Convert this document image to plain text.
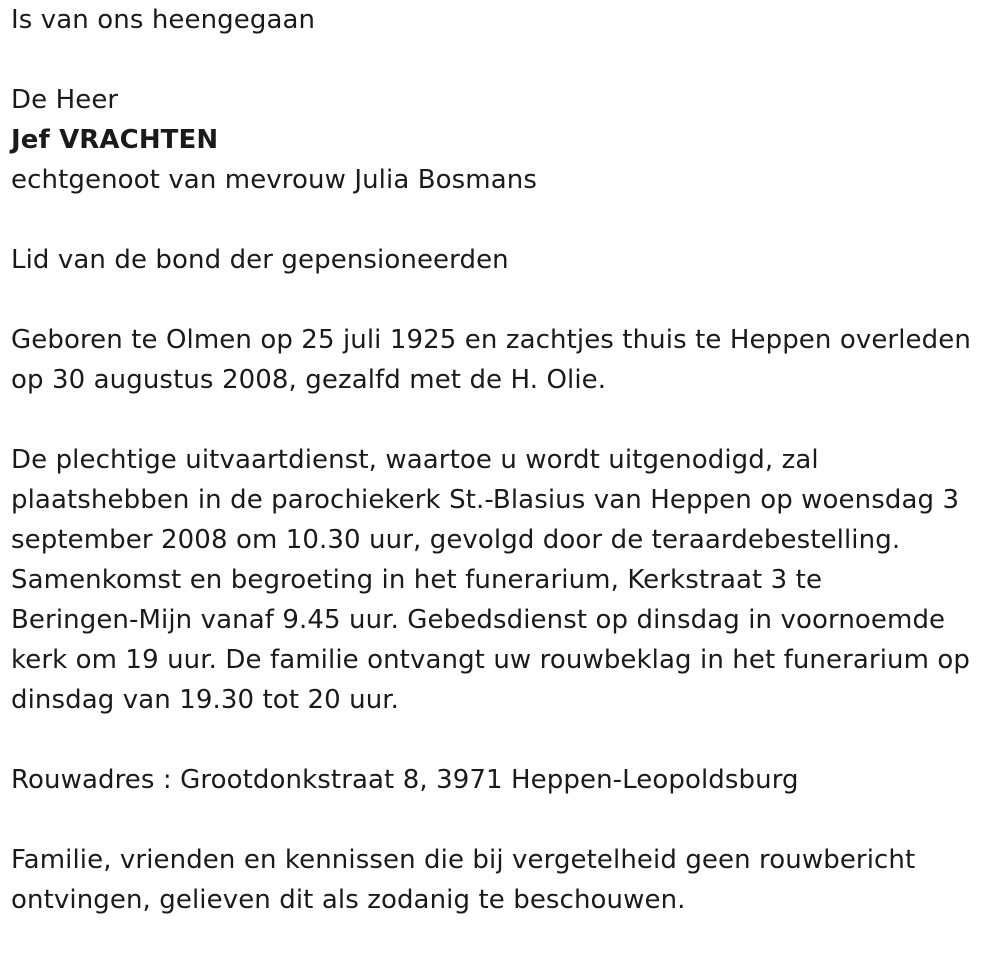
Is van ons heengegaan
De Heer
Jef VRACHTEN
echtgenoot van mevrouw Julia Bosmans
Lid van de bond der gepensioneerden
Geboren te Olmen op 25 juli 1925 en zachtjes thuis te Heppen overleden
op 30 augustus 2008, gezalfd met de H. Olie.
De plechtige uitvaartdienst, waartoe u wordt uitgenodigd, zal
plaatshebben in de parochiekerk St.-Blasius van Heppen op woensdag 3
september 2008 om 10.30 uur, gevolgd door de teraardebestelling.
Samenkomst en begroeting in het funerarium, Kerkstraat 3 te
Beringen-Mijn vanaf 9.45 uur. Gebedsdienst op dinsdag in voornoemde
kerk om 19 uur. De familie ontvangt uw rouwbeklag in het funerarium op
dinsdag van 19.30 tot 20 uur.
Rouwadres : Grootdonkstraat 8, 3971 Heppen-Leopoldsburg
Familie, vrienden en kennissen die bij vergetelheid geen rouwbericht
ontvingen, gelieven dit als zodanig te beschouwen.
